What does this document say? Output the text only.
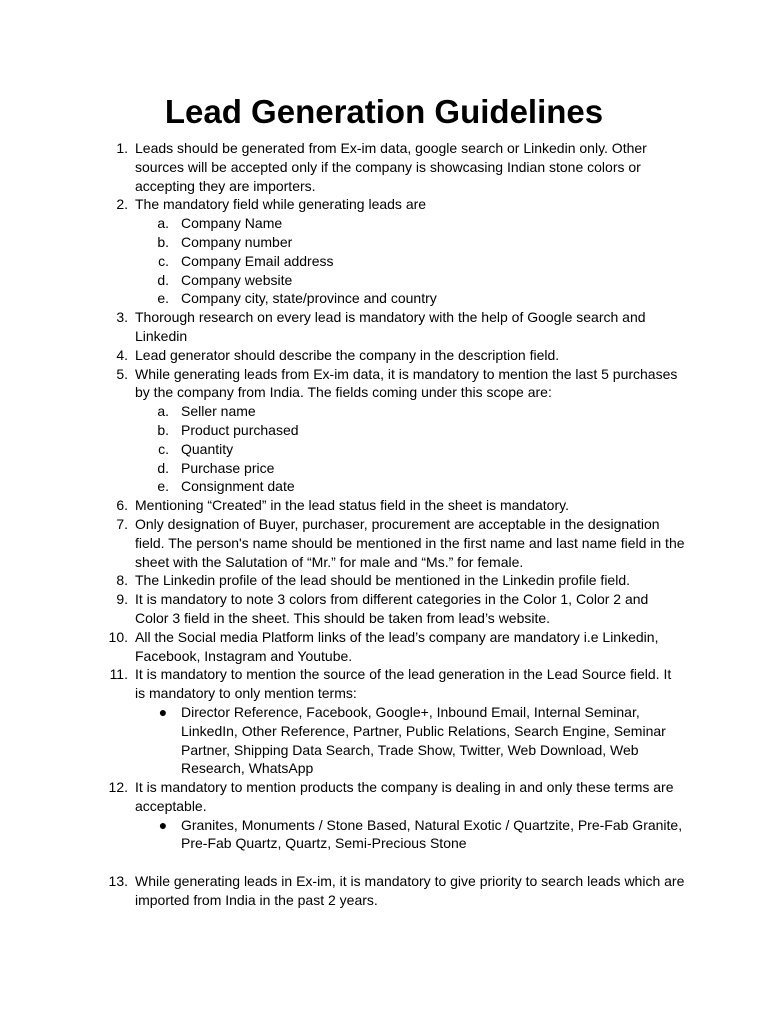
Lead Generation Guidelines
1. Leads should be generated from Ex-im data, google search or Linkedin only. Other sources will be accepted only if the company is showcasing Indian stone colors or accepting they are importers.
2. The mandatory field while generating leads are
a. Company Name
b. Company number
c. Company Email address
d. Company website
e. Company city, state/province and country
3. Thorough research on every lead is mandatory with the help of Google search and Linkedin
4. Lead generator should describe the company in the description field.
5. While generating leads from Ex-im data, it is mandatory to mention the last 5 purchases by the company from India. The fields coming under this scope are:
a. Seller name
b. Product purchased
c. Quantity
d. Purchase price
e. Consignment date
6. Mentioning “Created” in the lead status field in the sheet is mandatory.
7. Only designation of Buyer, purchaser, procurement are acceptable in the designation field. The person's name should be mentioned in the first name and last name field in the sheet with the Salutation of “Mr.” for male and “Ms.” for female.
8. The Linkedin profile of the lead should be mentioned in the Linkedin profile field.
9. It is mandatory to note 3 colors from different categories in the Color 1, Color 2 and Color 3 field in the sheet. This should be taken from lead’s website.
10. All the Social media Platform links of the lead’s company are mandatory i.e Linkedin, Facebook, Instagram and Youtube.
11. It is mandatory to mention the source of the lead generation in the Lead Source field. It is mandatory to only mention terms:
● Director Reference, Facebook, Google+, Inbound Email, Internal Seminar, LinkedIn, Other Reference, Partner, Public Relations, Search Engine, Seminar Partner, Shipping Data Search, Trade Show, Twitter, Web Download, Web Research, WhatsApp
12. It is mandatory to mention products the company is dealing in and only these terms are acceptable.
● Granites, Monuments / Stone Based, Natural Exotic / Quartzite, Pre-Fab Granite, Pre-Fab Quartz, Quartz, Semi-Precious Stone
13. While generating leads in Ex-im, it is mandatory to give priority to search leads which are imported from India in the past 2 years.
